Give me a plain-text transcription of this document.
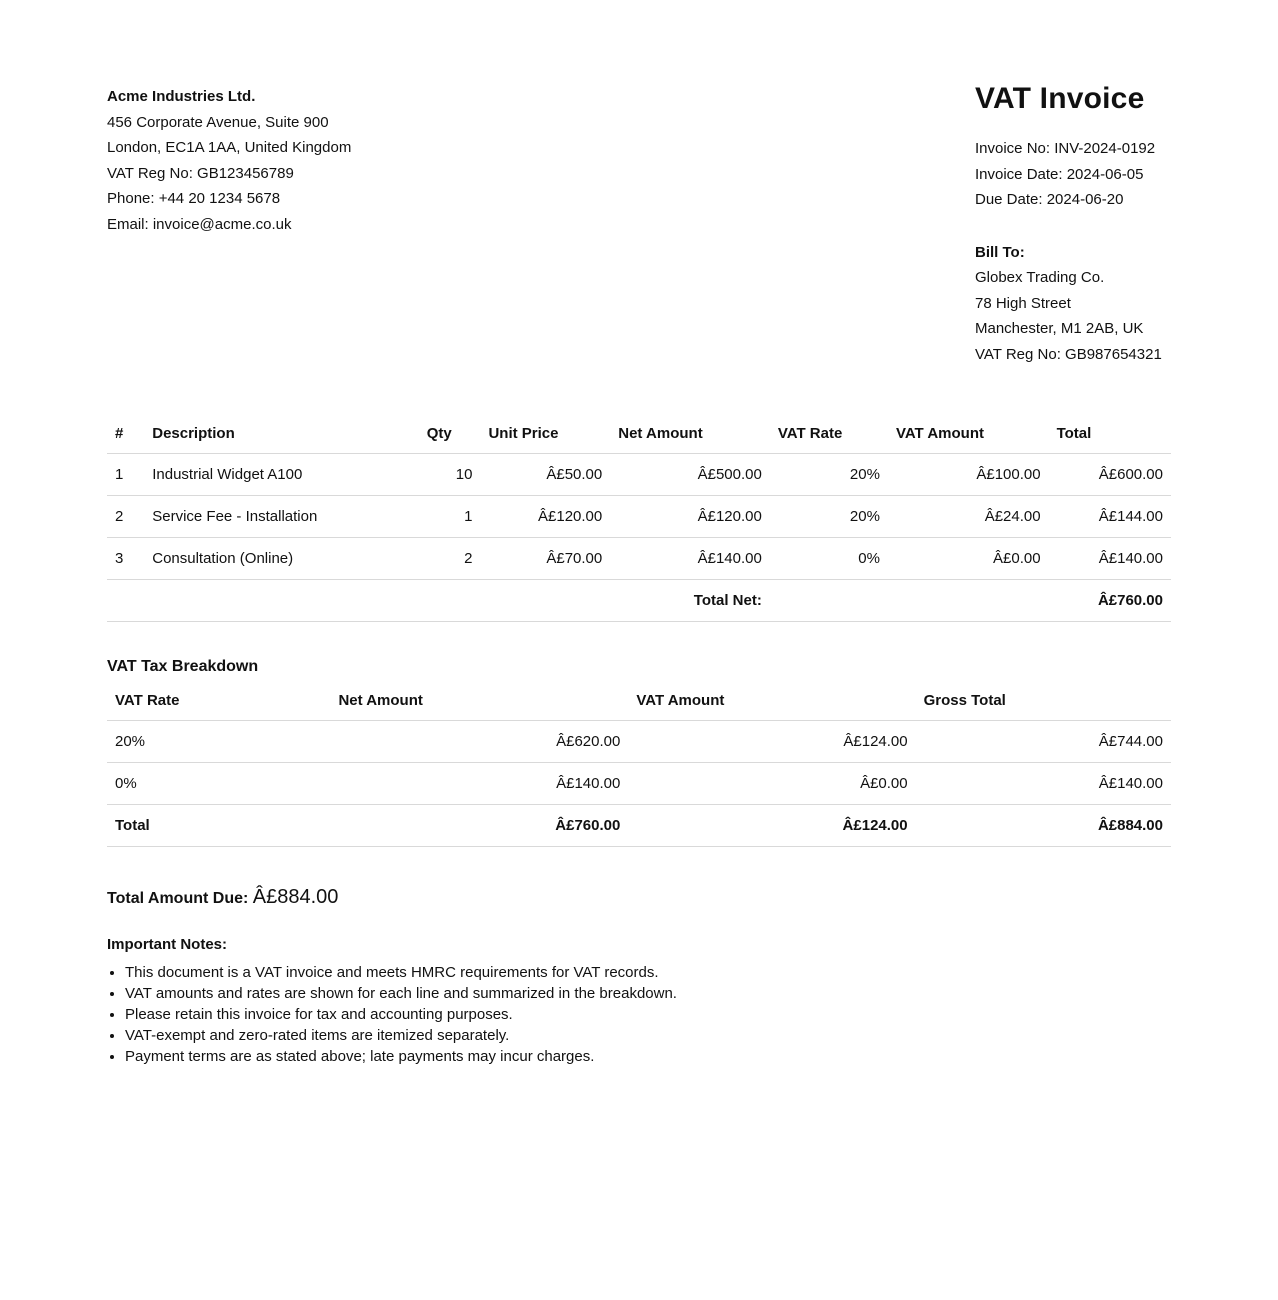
Acme Industries Ltd.
456 Corporate Avenue, Suite 900
London, EC1A 1AA, United Kingdom
VAT Reg No: GB123456789
Phone: +44 20 1234 5678
Email: invoice@acme.co.uk
VAT Invoice
Invoice No: INV-2024-0192
Invoice Date: 2024-06-05
Due Date: 2024-06-20
Bill To:
Globex Trading Co.
78 High Street
Manchester, M1 2AB, UK
VAT Reg No: GB987654321
#	Description	Qty	Unit Price	Net Amount	VAT Rate	VAT Amount	Total
1	Industrial Widget A100	10	Â£50.00	Â£500.00	20%	Â£100.00	Â£600.00
2	Service Fee - Installation	1	Â£120.00	Â£120.00	20%	Â£24.00	Â£144.00
3	Consultation (Online)	2	Â£70.00	Â£140.00	0%	Â£0.00	Â£140.00
				Total Net:			Â£760.00
VAT Tax Breakdown
VAT Rate	Net Amount	VAT Amount	Gross Total
20%	Â£620.00	Â£124.00	Â£744.00
0%	Â£140.00	Â£0.00	Â£140.00
Total	Â£760.00	Â£124.00	Â£884.00
Total Amount Due: Â£884.00
Important Notes:
• This document is a VAT invoice and meets HMRC requirements for VAT records.
• VAT amounts and rates are shown for each line and summarized in the breakdown.
• Please retain this invoice for tax and accounting purposes.
• VAT-exempt and zero-rated items are itemized separately.
• Payment terms are as stated above; late payments may incur charges.
